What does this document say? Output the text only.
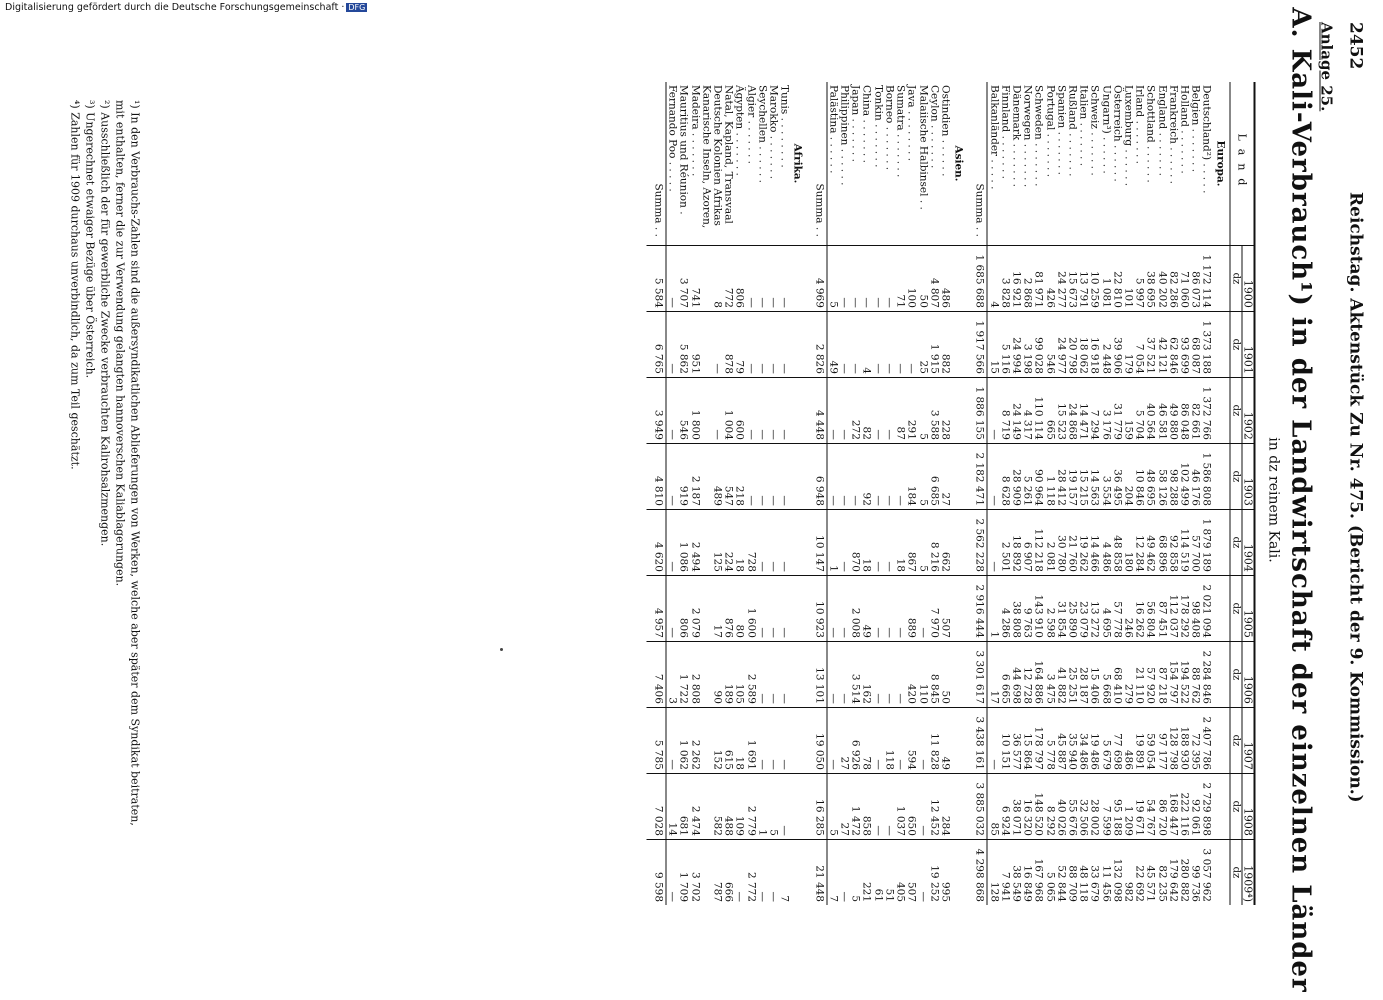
Digitalisierung gefördert durch die Deutsche Forschungsgemeinschaft · DFG
2452
Reichstag. Aktenstück Zu Nr. 475. (Bericht der 9. Kommission.)
Anlage 25.
A. Kali-Verbrauch¹) in der Landwirtschaft der einzelnen Länder
in dz reinem Kali.
Land	1900	1901	1902	1903	1904	1905	1906	1907	1908	1909⁴)
	dz	dz	dz	dz	dz	dz	dz	dz	dz	dz
Europa.										
Deutschland²) . . . . .	1 172 114	1 373 188	1 372 766	1 586 808	1 879 189	2 021 094	2 284 846	2 407 786	2 729 898	3 057 962
Belgien . . . . . . .	86 073	68 087	82 661	46 176	57 700	98 408	88 762	72 395	92 061	99 736
Holland . . . . . . .	71 060	93 699	86 048	102 499	114 519	178 292	194 522	188 930	222 116	280 882
Frankreich . . . . . .	82 286	62 846	49 880	98 288	92 858	112 037	154 797	128 798	168 447	179 642
England . . . . . . .	40 202	42 121	46 581	58 126	68 896	87 451	87 218	97 177	86 720	82 235
Schottland . . . . . .	38 695	37 521	40 564	48 695	49 462	56 804	57 920	59 054	54 767	45 571
Irland . . . . . . .	5 997	7 054	5 704	10 846	12 284	16 262	21 110	19 891	19 671	22 692
Luxemburg . . . . . .	101	179	159	204	180	246	279	486	1 209	982
Österreich . . . . . .	22 810	39 906	31 779	36 495	48 858	57 778	68 410	77 698	95 188	132 098
Ungarn³) . . . . . .	1 081	2 448	3 176	3 554	4 486	4 695	5 668	5 679	7 599	11 456
Schweiz . . . . . . .	10 259	16 918	7 294	14 563	14 466	13 272	15 406	19 486	28 002	33 679
Italien . . . . . . .	13 791	18 062	14 471	15 215	19 262	23 079	28 187	34 486	32 506	48 118
Rußland . . . . . . .	15 673	20 798	24 868	19 157	21 760	25 890	25 251	35 940	55 676	88 709
Spanien . . . . . . .	24 277	24 977	15 523	28 412	30 780	31 854	41 882	45 887	40 026	52 844
Portugal . . . . . . .	426	546	665	1 118	2 081	2 598	3 475	5 778	8 292	5 065
Schweden . . . . . . .	81 971	99 028	110 114	90 964	112 218	143 910	164 886	178 797	148 520	167 968
Norwegen . . . . . . .	2 868	3 198	4 317	5 261	6 907	9 763	12 728	15 864	16 320	16 849
Dänemark . . . . . . .	16 921	24 994	24 149	28 909	18 892	38 808	44 698	36 577	38 071	38 549
Finnland . . . . . . .	3 828	5 116	8 719	8 628	2 501	4 286	6 665	10 151	6 924	7 941
Balkanländer . . . . .	4	15	—	—	—	1	17	—	85	128
Summa . .	1 685 688	1 917 566	1 886 155	2 182 471	2 562 228	2 916 444	3 301 617	3 438 161	3 885 032	4 298 868
Asien.										
Ostindien . . . . . .	486	882	228	27	662	507	50	49	284	995
Ceylon . . . . . . .	4 807	1 915	3 588	6 685	8 216	7 970	8 845	11 828	12 452	19 252
Malaiische Halbinsel . .	50	25	5	5	5	—	110	—	—	—
Java . . . . . . . .	100	—	291	184	867	889	420	594	650	507
Sumatra . . . . . . .	71	—	87	—	18	—	—	—	1 037	405
Borneo . . . . . . .	—	—	—	—	—	—	—	118	—	51
Tonkin . . . . . . .	—	—	—	—	—	—	—	—	—	61
China . . . . . . .	—	4	82	92	18	49	162	78	858	221
Japan . . . . . . .	—	—	272	—	870	2 008	3 514	6 926	1 472	5
Philippinen . . . . . .	—	—	—	—	—	—	—	27	27	—
Palästina . . . . . .	5	49	—	—	1	—	—	—	5	7
Summa . .	4 969	2 826	4 448	6 948	10 147	10 923	13 101	19 050	16 285	21 448
Afrika.										
Tunis . . . . . . . .	—	—	—	—	—	—	—	—	—	7
Marokko . . . . . . .	—	—	—	—	—	—	—	—	5	—
Seychellen . . . . . .	—	—	—	—	—	—	—	—	1	—
Algier . . . . . . .	—	—	—	—	728	1 600	2 589	1 691	2 779	2 772
Ägypten . . . . . . .	806	79	600	218	18	80	105	18	109	—
Natal, Kapland, Transvaal	772	878	1 004	547	224	876	189	615	488	666
Deutsche Kolonien Afrikas	8	—	—	489	125	17	90	152	582	787
Kanarische Inseln, Azoren,										
Madeira . . . . . . .	741	951	1 800	2 187	2 494	2 079	2 808	2 262	2 474	3 702
Mauritius und Réunion .	3 707	5 862	546	919	1 086	806	1 722	1 062	681	1 709
Fernando Poo . . . . .	—	—	—	—	—	—	3	—	14	—
Summa . .	5 584	6 765	3 949	4 810	4 620	4 957	7 406	5 785	7 028	9 598
¹) In den Verbrauchs-Zahlen sind die außersyndikatlichen Ablieferungen von Werken, welche aber später dem Syndikat beitraten,
mit enthalten, ferner die zur Verwendung gelangten hannoverschen Kaliablagerungen.
²) Ausschließlich der für gewerbliche Zwecke verbrauchten Kalirohsalzmengen.
³) Ungerechnet etwaiger Bezüge über Österreich.
⁴) Zahlen für 1909 durchaus unverbindlich, da zum Teil geschätzt.
